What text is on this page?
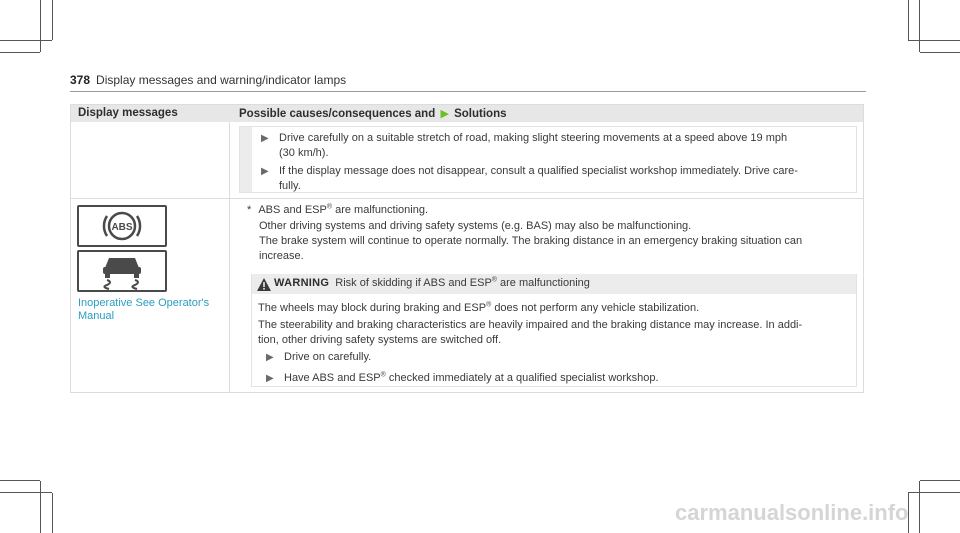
378 Display messages and warning/indicator lamps
Display messages	Possible causes/consequences and ▶ Solutions
▶ Drive carefully on a suitable stretch of road, making slight steering movements at a speed above 19 mph
(30 km/h).
▶ If the display message does not disappear, consult a qualified specialist workshop immediately. Drive care-
fully.
ABS
Inoperative See Operator's
Manual
* ABS and ESP® are malfunctioning.
Other driving systems and driving safety systems (e.g. BAS) may also be malfunctioning.
The brake system will continue to operate normally. The braking distance in an emergency braking situation can
increase.
WARNING Risk of skidding if ABS and ESP® are malfunctioning
The wheels may block during braking and ESP® does not perform any vehicle stabilization.
The steerability and braking characteristics are heavily impaired and the braking distance may increase. In addi-
tion, other driving safety systems are switched off.
▶ Drive on carefully.
▶ Have ABS and ESP® checked immediately at a qualified specialist workshop.
carmanualsonline.info
